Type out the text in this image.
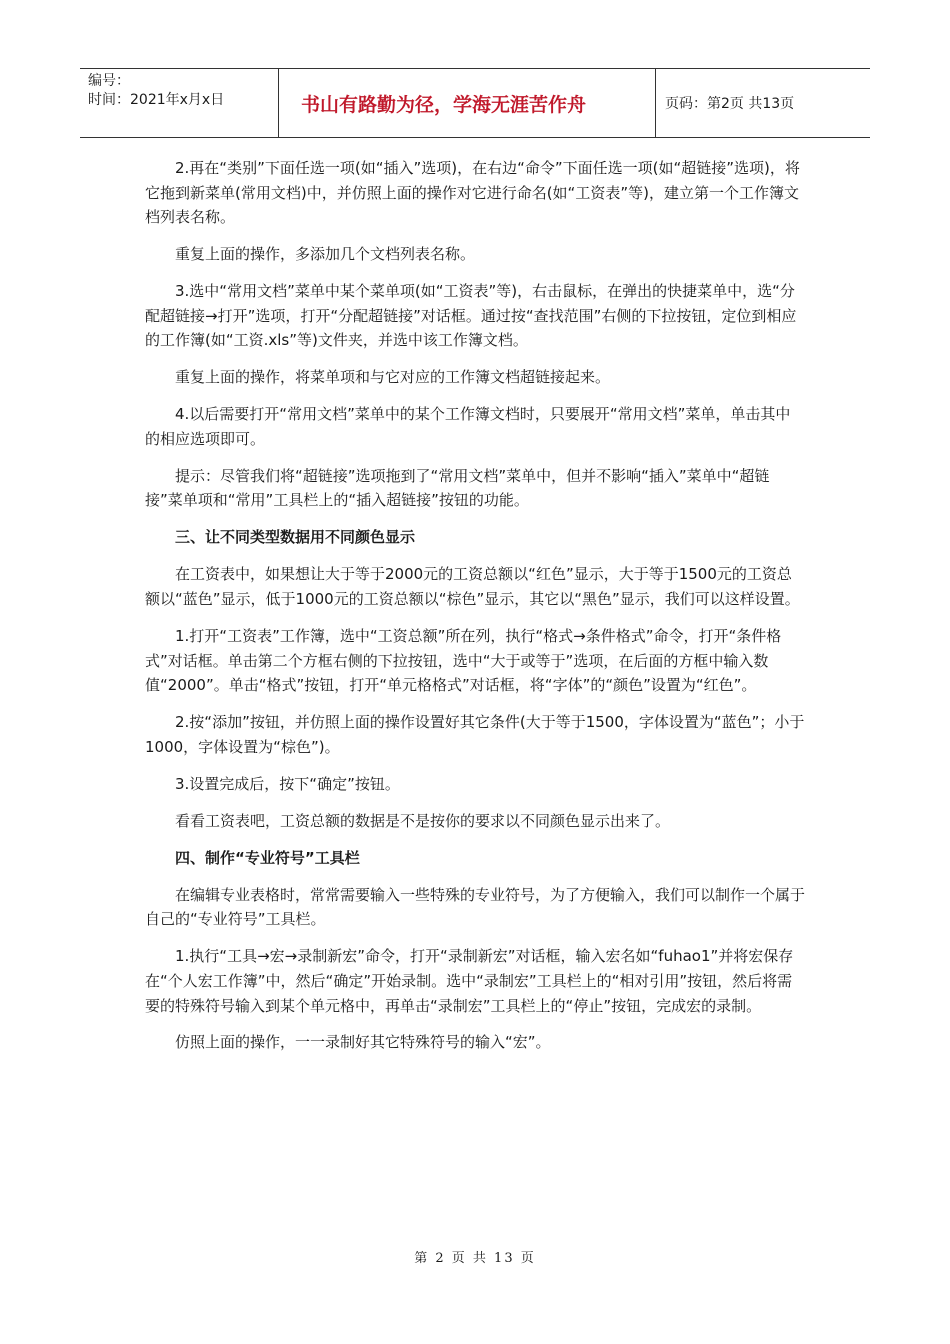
编号：
时间：2021年x月x日	书山有路勤为径，学海无涯苦作舟	页码：第2页 共13页

2.再在“类别”下面任选一项(如“插入”选项)，在右边“命令”下面任选一项(如“超链接”选项)，将它拖到新菜单(常用文档)中，并仿照上面的操作对它进行命名(如“工资表”等)，建立第一个工作簿文档列表名称。

重复上面的操作，多添加几个文档列表名称。

3.选中“常用文档”菜单中某个菜单项(如“工资表”等)，右击鼠标，在弹出的快捷菜单中，选“分配超链接→打开”选项，打开“分配超链接”对话框。通过按“查找范围”右侧的下拉按钮，定位到相应的工作簿(如“工资.xls”等)文件夹，并选中该工作簿文档。

重复上面的操作，将菜单项和与它对应的工作簿文档超链接起来。

4.以后需要打开“常用文档”菜单中的某个工作簿文档时，只要展开“常用文档”菜单，单击其中的相应选项即可。

提示：尽管我们将“超链接”选项拖到了“常用文档”菜单中，但并不影响“插入”菜单中“超链接”菜单项和“常用”工具栏上的“插入超链接”按钮的功能。

三、让不同类型数据用不同颜色显示

在工资表中，如果想让大于等于2000元的工资总额以“红色”显示，大于等于1500元的工资总额以“蓝色”显示，低于1000元的工资总额以“棕色”显示，其它以“黑色”显示，我们可以这样设置。

1.打开“工资表”工作簿，选中“工资总额”所在列，执行“格式→条件格式”命令，打开“条件格式”对话框。单击第二个方框右侧的下拉按钮，选中“大于或等于”选项，在后面的方框中输入数值“2000”。单击“格式”按钮，打开“单元格格式”对话框，将“字体”的“颜色”设置为“红色”。

2.按“添加”按钮，并仿照上面的操作设置好其它条件(大于等于1500，字体设置为“蓝色”；小于1000，字体设置为“棕色”)。

3.设置完成后，按下“确定”按钮。

看看工资表吧，工资总额的数据是不是按你的要求以不同颜色显示出来了。

四、制作“专业符号”工具栏

在编辑专业表格时，常常需要输入一些特殊的专业符号，为了方便输入，我们可以制作一个属于自己的“专业符号”工具栏。

1.执行“工具→宏→录制新宏”命令，打开“录制新宏”对话框，输入宏名如“fuhao1”并将宏保存在“个人宏工作簿”中，然后“确定”开始录制。选中“录制宏”工具栏上的“相对引用”按钮，然后将需要的特殊符号输入到某个单元格中，再单击“录制宏”工具栏上的“停止”按钮，完成宏的录制。

仿照上面的操作，一一录制好其它特殊符号的输入“宏”。

第 2 页 共 13 页
